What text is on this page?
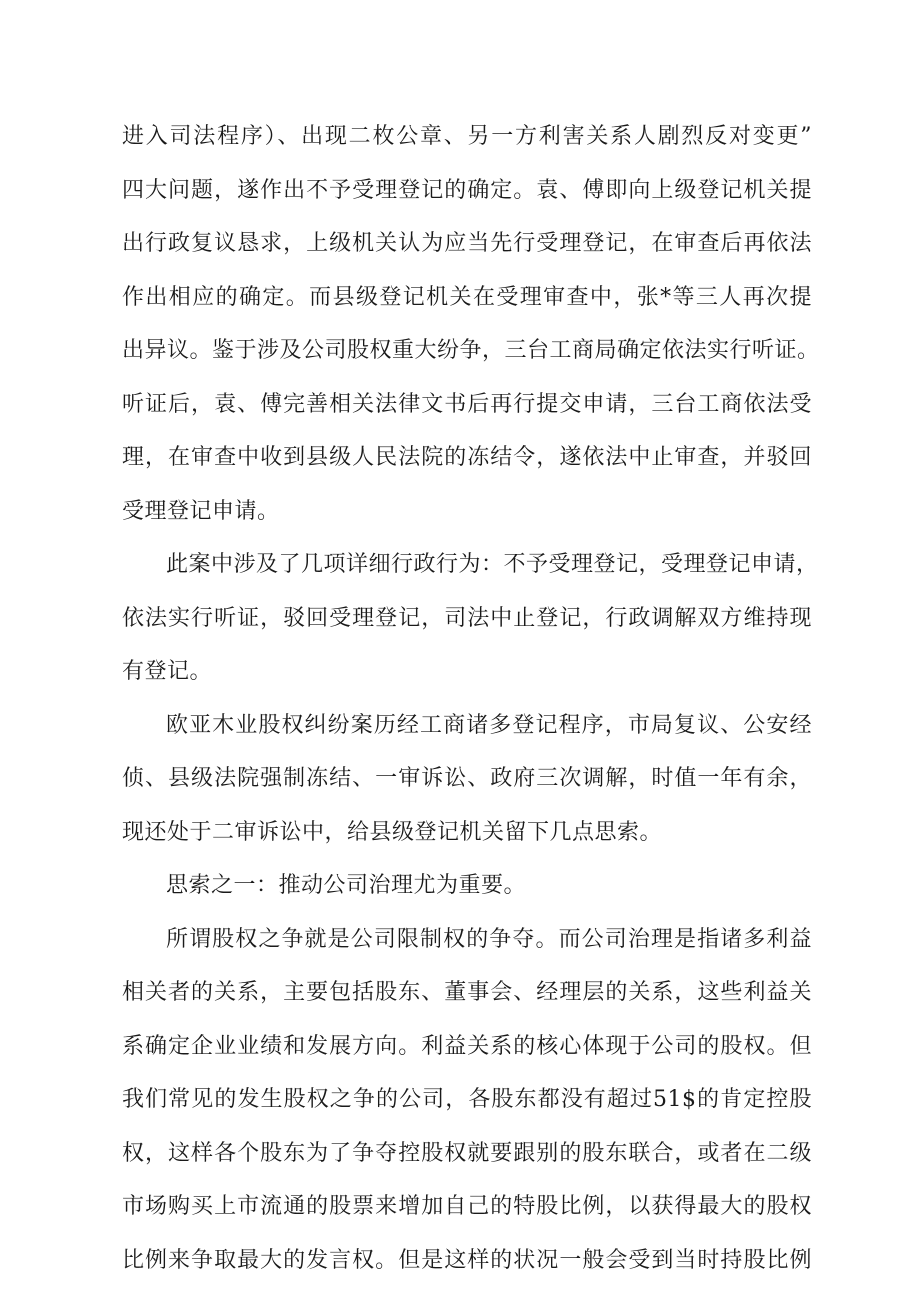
进入司法程序）、出现二枚公章、另一方利害关系人剧烈反对变更”
四大问题，遂作出不予受理登记的确定。袁、傅即向上级登记机关提
出行政复议恳求，上级机关认为应当先行受理登记，在审查后再依法
作出相应的确定。而县级登记机关在受理审查中，张*等三人再次提
出异议。鉴于涉及公司股权重大纷争，三台工商局确定依法实行听证。
听证后，袁、傅完善相关法律文书后再行提交申请，三台工商依法受
理，在审查中收到县级人民法院的冻结令，遂依法中止审查，并驳回
受理登记申请。
此案中涉及了几项详细行政行为：不予受理登记，受理登记申请，
依法实行听证，驳回受理登记，司法中止登记，行政调解双方维持现
有登记。
欧亚木业股权纠纷案历经工商诸多登记程序，市局复议、公安经
侦、县级法院强制冻结、一审诉讼、政府三次调解，时值一年有余，
现还处于二审诉讼中，给县级登记机关留下几点思索。
思索之一：推动公司治理尤为重要。
所谓股权之争就是公司限制权的争夺。而公司治理是指诸多利益
相关者的关系，主要包括股东、董事会、经理层的关系，这些利益关
系确定企业业绩和发展方向。利益关系的核心体现于公司的股权。但
我们常见的发生股权之争的公司，各股东都没有超过51$的肯定控股
权，这样各个股东为了争夺控股权就要跟别的股东联合，或者在二级
市场购买上市流通的股票来增加自己的特股比例，以获得最大的股权
比例来争取最大的发言权。但是这样的状况一般会受到当时持股比例
